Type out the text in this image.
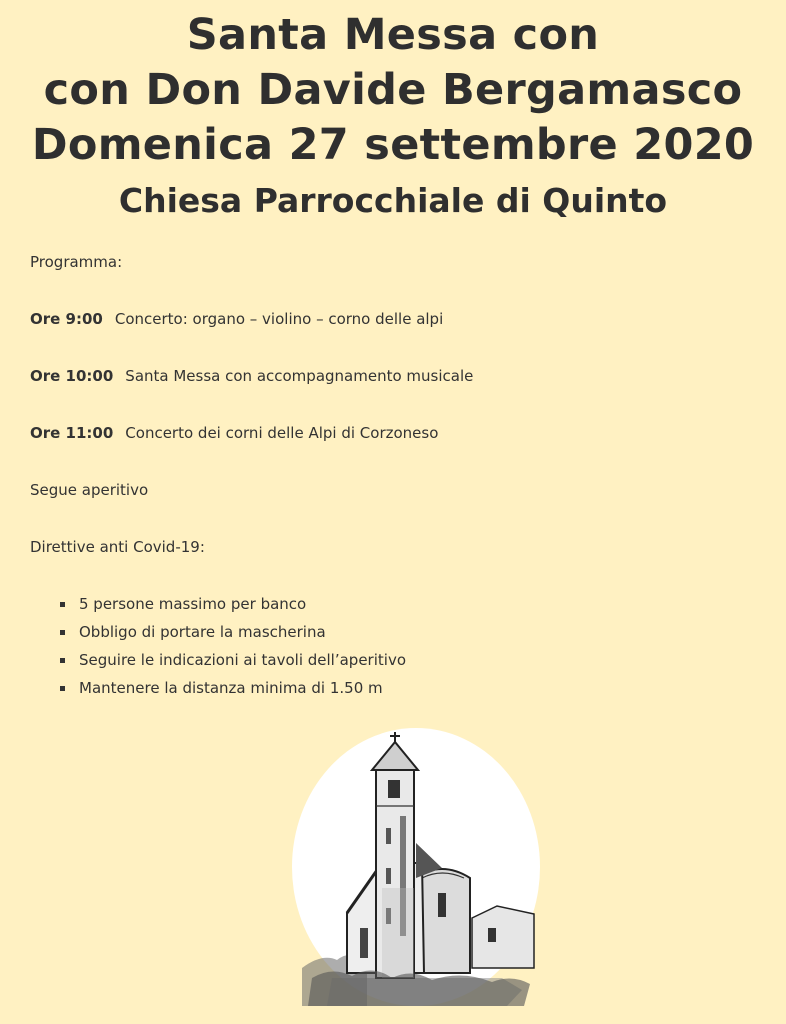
Santa Messa con
con Don Davide Bergamasco
Domenica 27 settembre 2020
Chiesa Parrocchiale di Quinto

Programma:

Ore 9:00 Concerto: organo – violino – corno delle alpi

Ore 10:00 Santa Messa con accompagnamento musicale

Ore 11:00 Concerto dei corni delle Alpi di Corzoneso

Segue aperitivo

Direttive anti Covid-19:

5 persone massimo per banco
Obbligo di portare la mascherina
Seguire le indicazioni ai tavoli dell’aperitivo
Mantenere la distanza minima di 1.50 m
